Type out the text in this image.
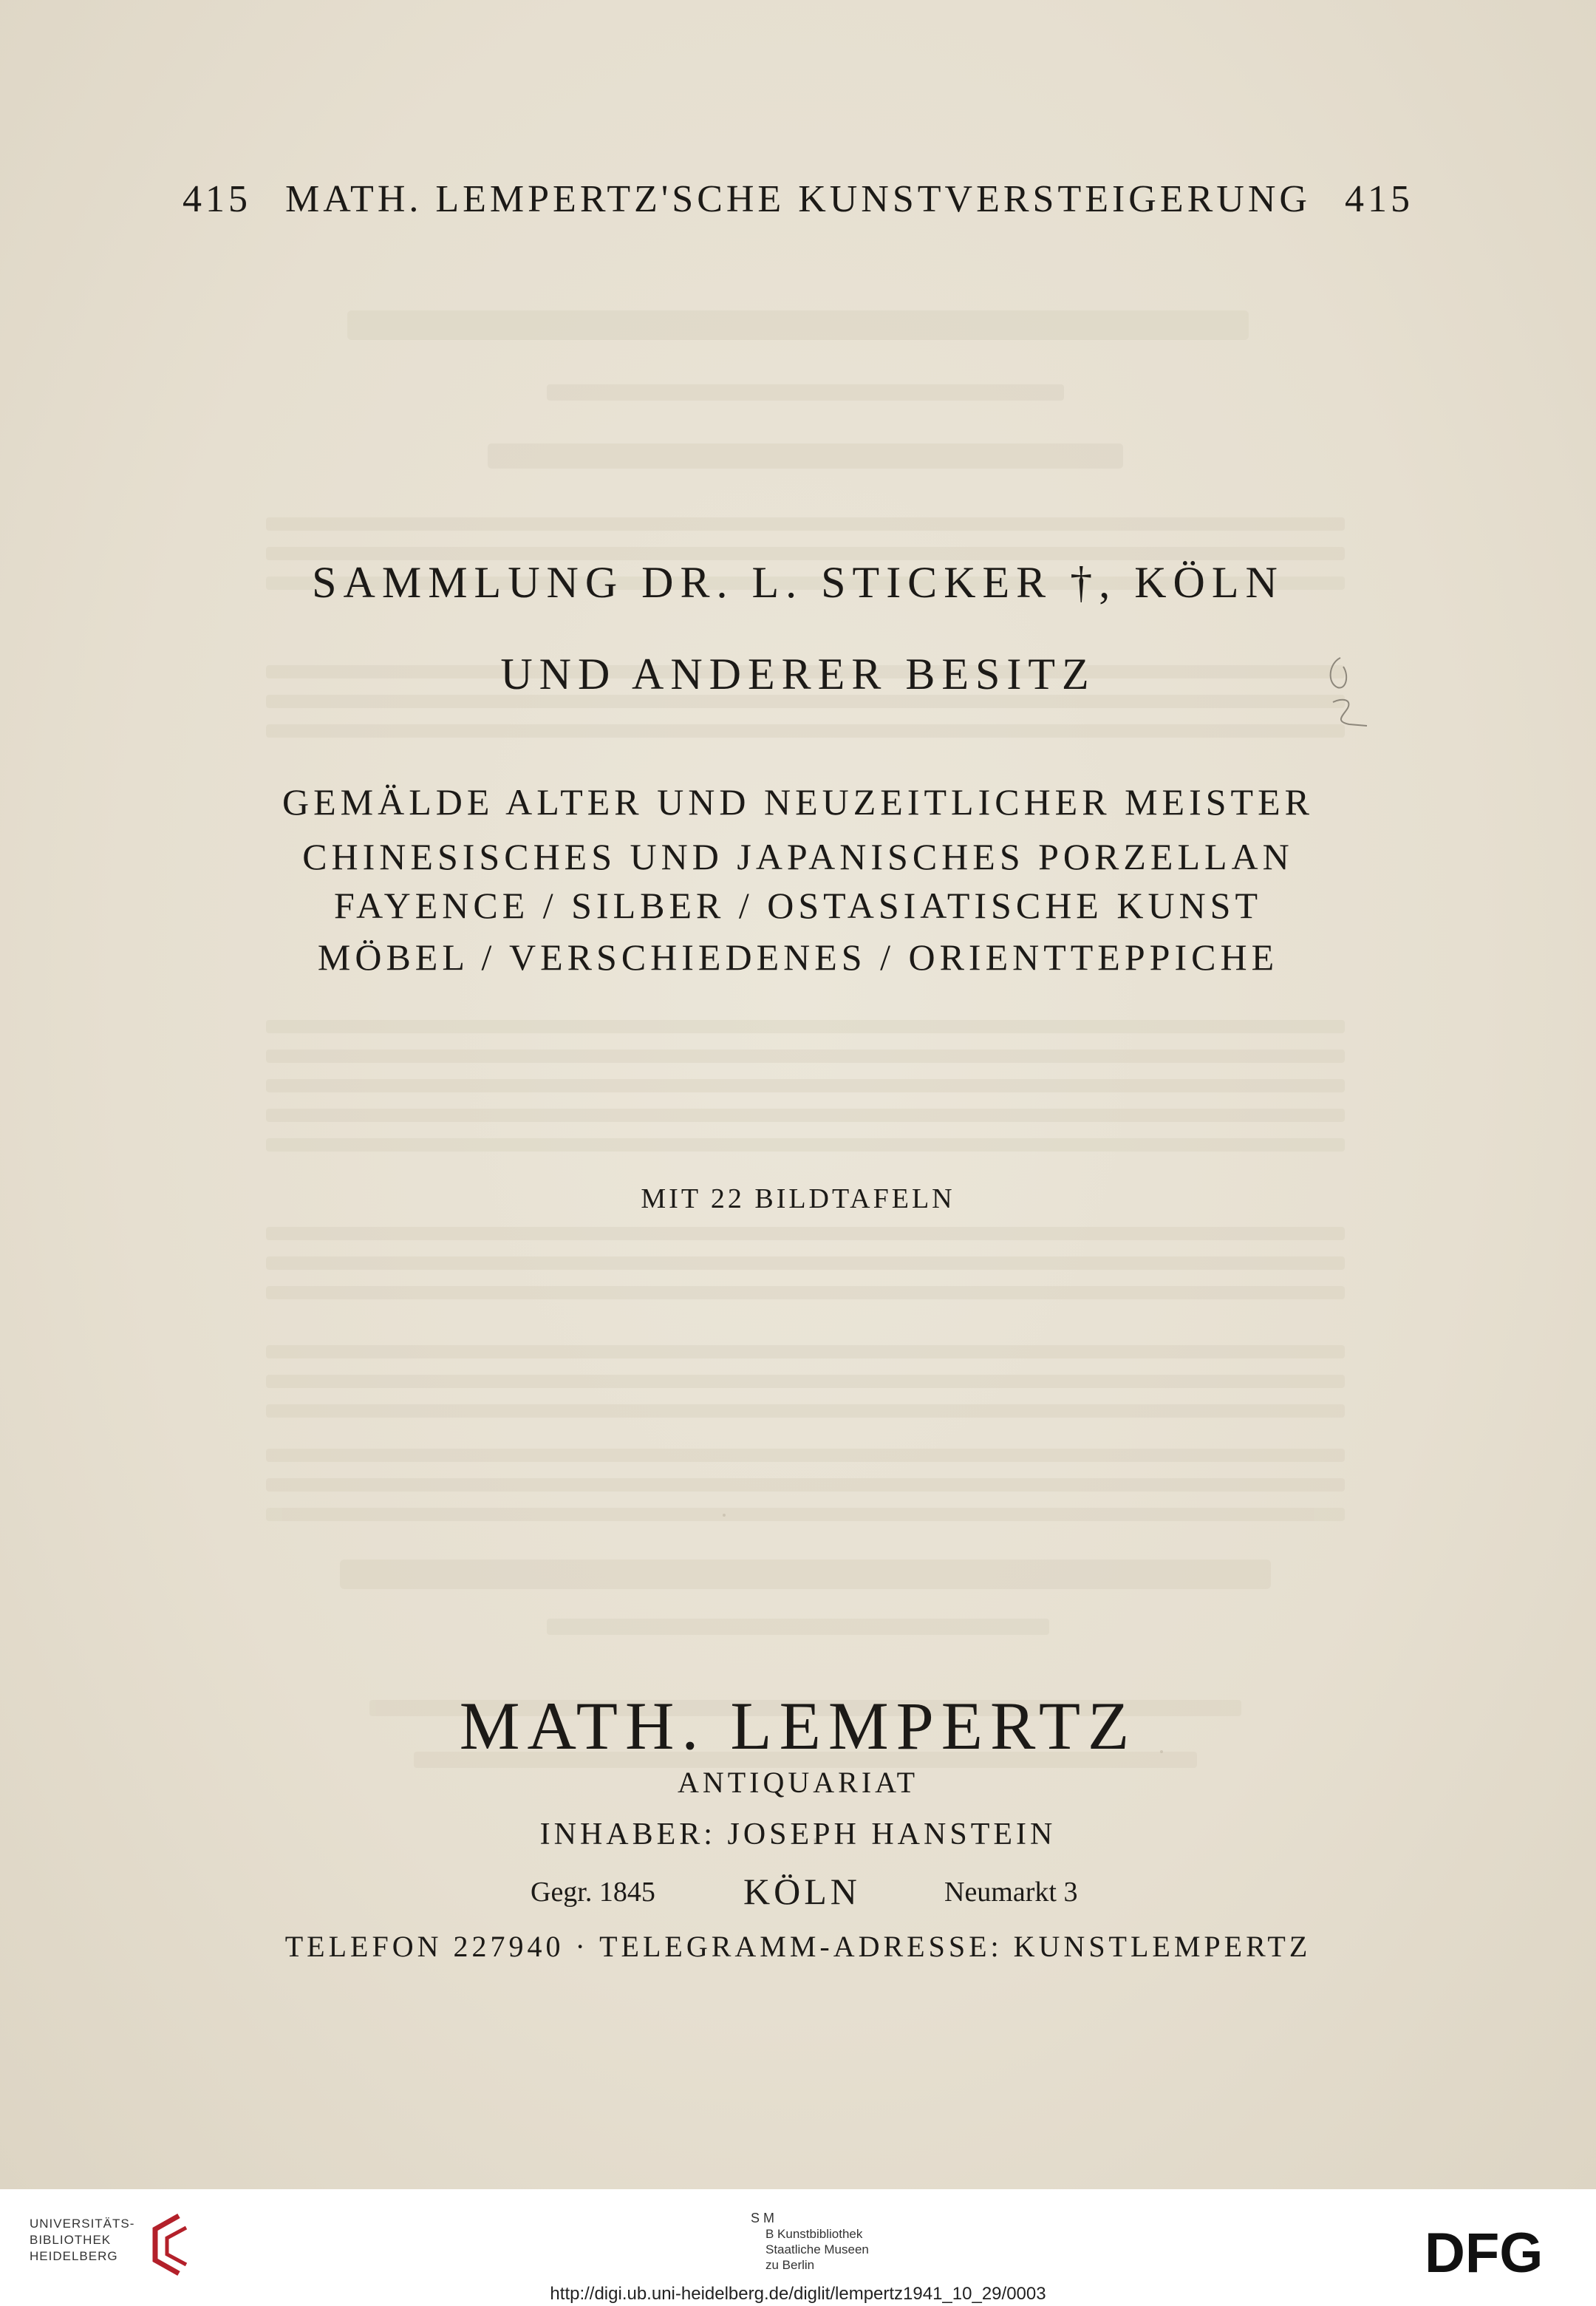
415 MATH. LEMPERTZ'SCHE KUNSTVERSTEIGERUNG 415
SAMMLUNG DR. L. STICKER †, KÖLN
UND ANDERER BESITZ
GEMÄLDE ALTER UND NEUZEITLICHER MEISTER
CHINESISCHES UND JAPANISCHES PORZELLAN
FAYENCE / SILBER / OSTASIATISCHE KUNST
MÖBEL / VERSCHIEDENES / ORIENTTEPPICHE
MIT 22 BILDTAFELN
MATH. LEMPERTZ
ANTIQUARIAT
INHABER: JOSEPH HANSTEIN
Gegr. 1845 KÖLN	Neumarkt 3
TELEFON 227940 · TELEGRAMM-ADRESSE: KUNSTLEMPERTZ
UNIVERSITÄTS-
BIBLIOTHEK
HEIDELBERG
S M
B Kunstbibliothek
Staatliche Museen
zu Berlin	DFG
http://digi.ub.uni-heidelberg.de/diglit/lempertz1941_10_29/0003
